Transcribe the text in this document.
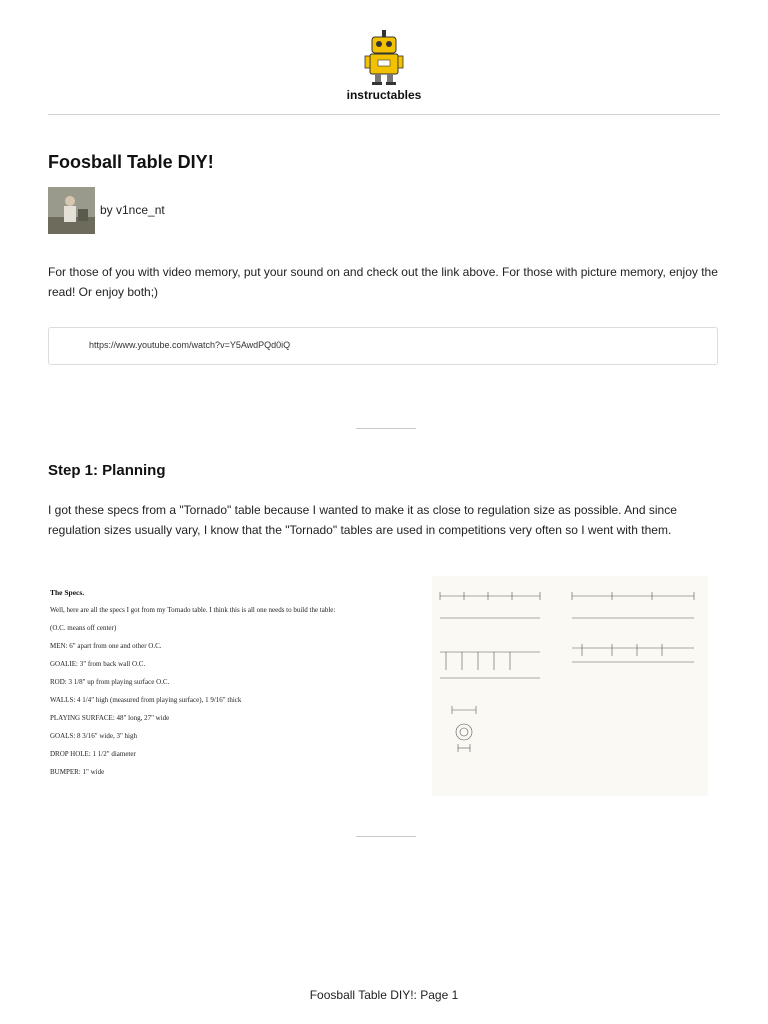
instructables
Foosball Table DIY!
by v1nce_nt

For those of you with video memory, put your sound on and check out the link above. For those with picture memory, enjoy the read! Or enjoy both;)

https://www.youtube.com/watch?v=Y5AwdPQd0iQ
Step 1: Planning

I got these specs from a "Tornado" table because I wanted to make it as close to regulation size as possible. And since regulation sizes usually vary, I know that the "Tornado" tables are used in competitions very often so I went with them.

The Specs.
Well, here are all the specs I got from my Tornado table. I think this is all one needs to build the table:
(O.C. means off center)
MEN: 6" apart from one and other O.C.
GOALIE: 3" from back wall O.C.
ROD: 3 1/8" up from playing surface O.C.
WALLS: 4 1/4" high (measured from playing surface), 1 9/16" thick
PLAYING SURFACE: 48" long, 27" wide
GOALS: 8 3/16" wide, 3" high
DROP HOLE: 1 1/2" diameter
BUMPER: 1" wide
Foosball Table DIY!: Page 1
